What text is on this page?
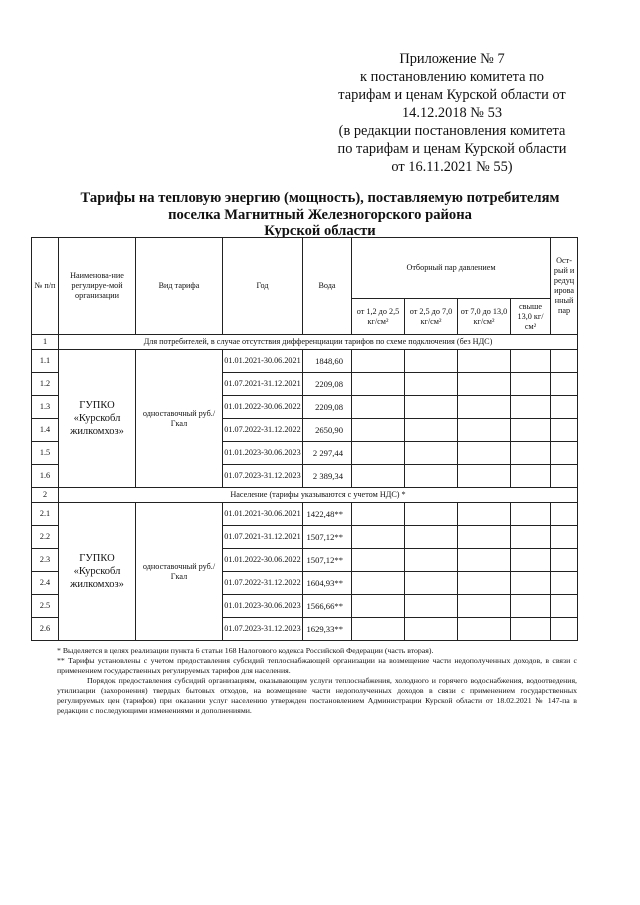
Приложение № 7
к постановлению комитета по
тарифам и ценам Курской области от
14.12.2018 № 53
(в редакции постановления комитета
по тарифам и ценам Курской области
от 16.11.2021 № 55)
Тарифы на тепловую энергию (мощность), поставляемую потребителям
поселка Магнитный Железногорского района
Курской области
№ п/п	Наименова-ние регулируе-мой организации	Вид тарифа	Год	Вода	Отборный пар давлением				Ост-рый и редуц ирова нный пар
					от 1,2 до 2,5 кг/см²	от 2,5 до 7,0 кг/см²	от 7,0 до 13,0 кг/см²	свыше 13,0 кг/см²	
1	Для потребителей, в случае отсутствия дифференциации тарифов по схеме подключения (без НДС)								
1.1	ГУПКО «Курскобл жилкомхоз»	одноставочный руб./Гкал	01.01.2021-30.06.2021	1848,60					
1.2			01.07.2021-31.12.2021	2209,08					
1.3			01.01.2022-30.06.2022	2209,08					
1.4			01.07.2022-31.12.2022	2650,90					
1.5			01.01.2023-30.06.2023	2 297,44					
1.6			01.07.2023-31.12.2023	2 389,34					
2	Население (тарифы указываются с учетом НДС) *								
2.1	ГУПКО «Курскобл жилкомхоз»	одноставочный руб./Гкал	01.01.2021-30.06.2021	1422,48**					
2.2			01.07.2021-31.12.2021	1507,12**					
2.3			01.01.2022-30.06.2022	1507,12**					
2.4			01.07.2022-31.12.2022	1604,93**					
2.5			01.01.2023-30.06.2023	1566,66**					
2.6			01.07.2023-31.12.2023	1629,33**					

* Выделяется в целях реализации пункта 6 статьи 168 Налогового кодекса Российской Федерации (часть вторая).

** Тарифы установлены с учетом предоставления субсидий теплоснабжающей организации на возмещение части недополученных доходов, в связи с применением государственных регулируемых тарифов для населения.

Порядок предоставления субсидий организациям, оказывающим услуги теплоснабжения, холодного и горячего водоснабжения, водоотведения, утилизации (захоронения) твердых бытовых отходов, на возмещение части недополученных доходов в связи с применением государственных регулируемых цен (тарифов) при оказании услуг населению утвержден постановлением Администрации Курской области от 18.02.2021 № 147-па в редакции с последующими изменениями и дополнениями.
